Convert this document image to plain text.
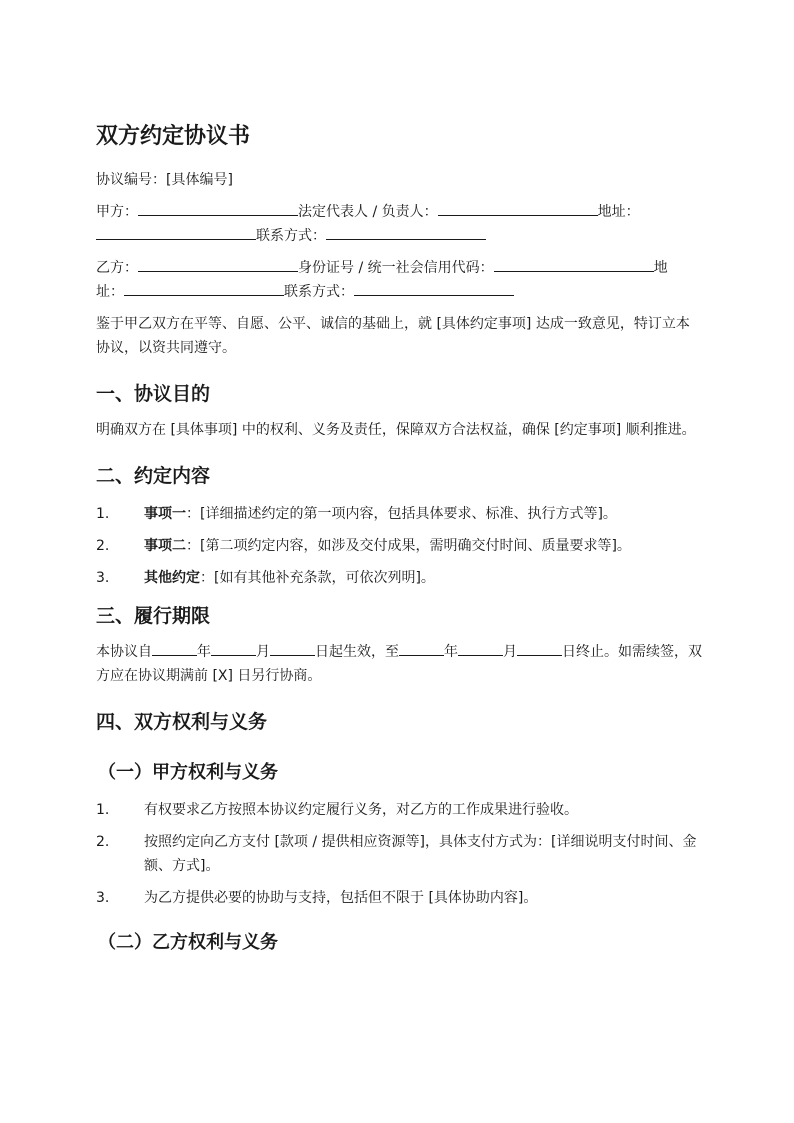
双方约定协议书

协议编号：[具体编号]

甲方：	法定代表人 / 负责人：	地址：
联系方式：

乙方：	身份证号 / 统一社会信用代码：	地
址：	联系方式：

鉴于甲乙双方在平等、自愿、公平、诚信的基础上，就 [具体约定事项] 达成一致意见，特订立本协议，以资共同遵守。

一、协议目的

明确双方在 [具体事项] 中的权利、义务及责任，保障双方合法权益，确保 [约定事项] 顺利推进。

二、约定内容
1. 事项一：[详细描述约定的第一项内容，包括具体要求、标准、执行方式等]。
2. 事项二：[第二项约定内容，如涉及交付成果，需明确交付时间、质量要求等]。
3. 其他约定：[如有其他补充条款，可依次列明]。
三、履行期限

本协议自	年	月	日起生效，至	年	月	日终止。如需续签，双方应在协议期满前 [X] 日另行协商。

四、双方权利与义务
（一）甲方权利与义务
1. 有权要求乙方按照本协议约定履行义务，对乙方的工作成果进行验收。
2. 按照约定向乙方支付 [款项 / 提供相应资源等]，具体支付方式为：[详细说明支付时间、金额、方式]。
3. 为乙方提供必要的协助与支持，包括但不限于 [具体协助内容]。
（二）乙方权利与义务
